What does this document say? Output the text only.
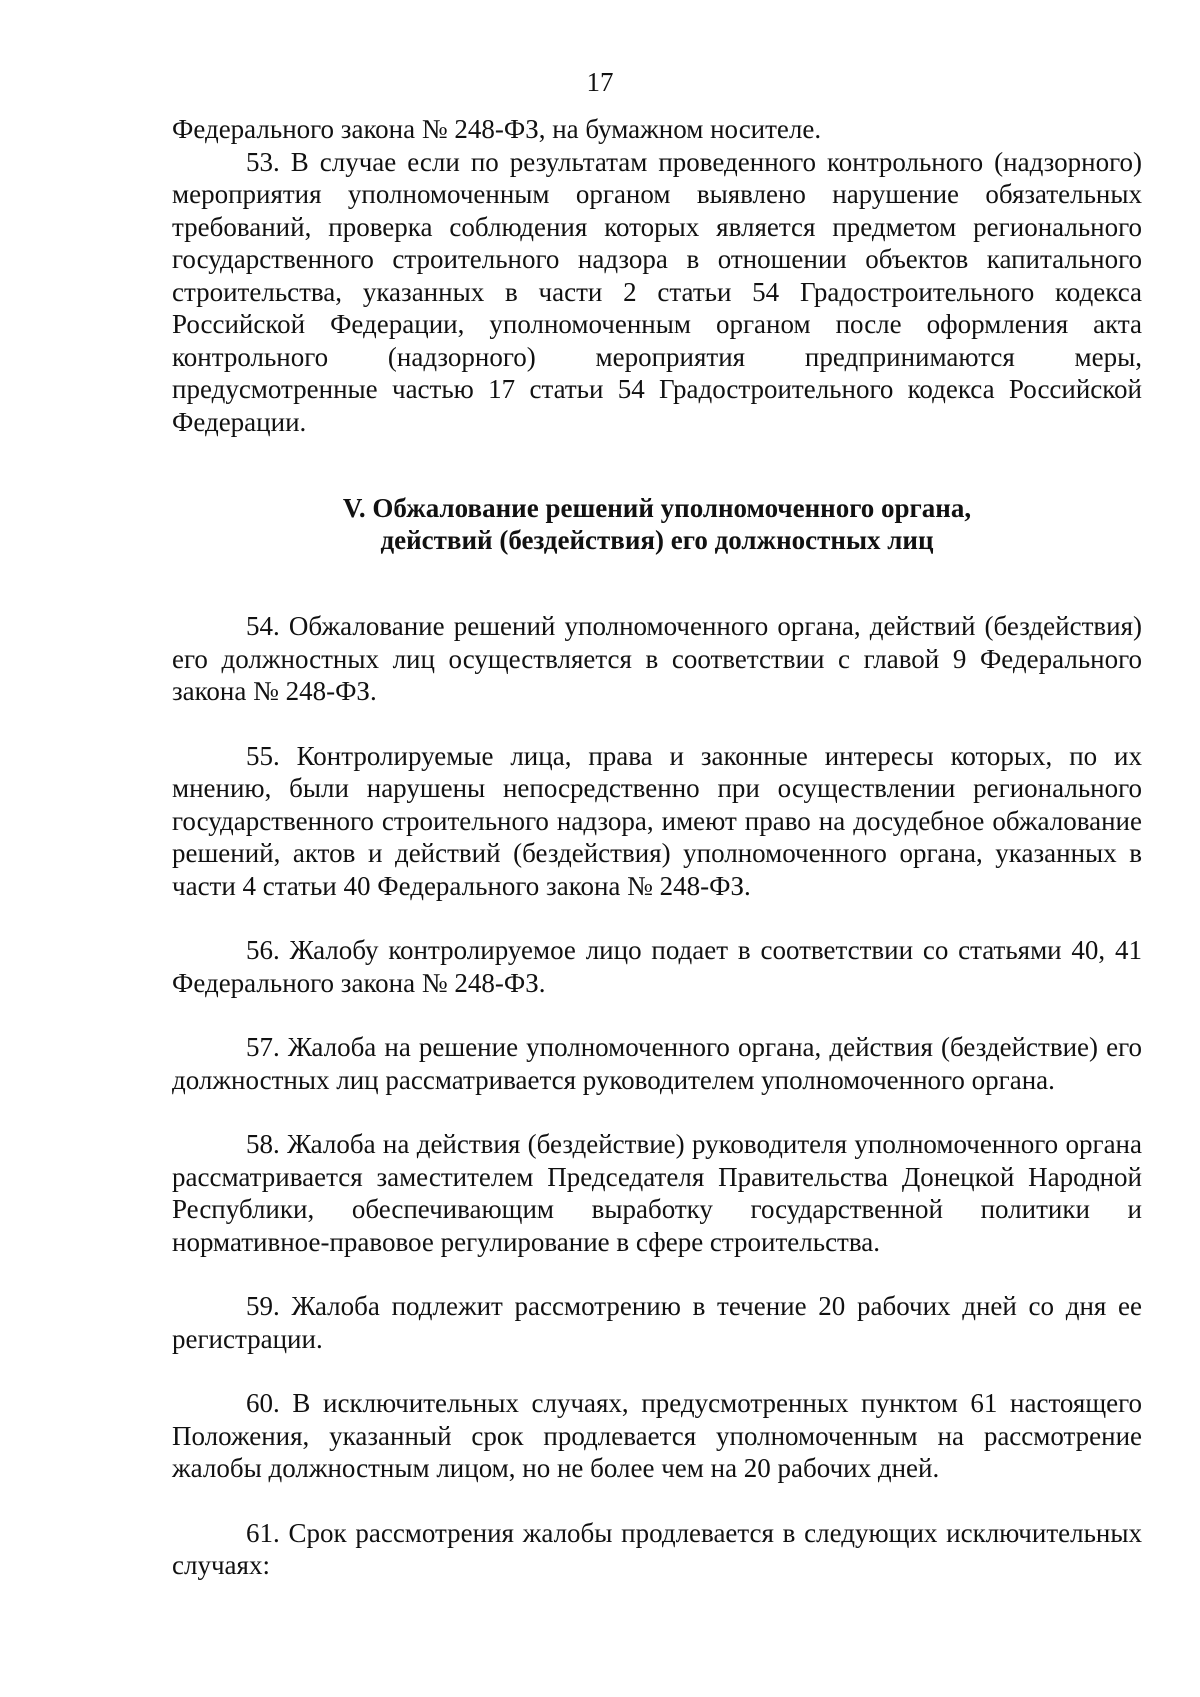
17

Федерального закона № 248-ФЗ, на бумажном носителе.

53. В случае если по результатам проведенного контрольного (надзорного) мероприятия уполномоченным органом выявлено нарушение обязательных требований, проверка соблюдения которых является предметом регионального государственного строительного надзора в отношении объектов капитального строительства, указанных в части 2 статьи 54 Градостроительного кодекса Российской Федерации, уполномоченным органом после оформления акта контрольного (надзорного) мероприятия предпринимаются меры, предусмотренные частью 17 статьи 54 Градостроительного кодекса Российской Федерации.

V. Обжалование решений уполномоченного органа,
действий (бездействия) его должностных лиц

54. Обжалование решений уполномоченного органа, действий (бездействия) его должностных лиц осуществляется в соответствии с главой 9 Федерального закона № 248-ФЗ.

55. Контролируемые лица, права и законные интересы которых, по их мнению, были нарушены непосредственно при осуществлении регионального государственного строительного надзора, имеют право на досудебное обжалование решений, актов и действий (бездействия) уполномоченного органа, указанных в части 4 статьи 40 Федерального закона № 248-ФЗ.

56. Жалобу контролируемое лицо подает в соответствии со статьями 40, 41 Федерального закона № 248-ФЗ.

57. Жалоба на решение уполномоченного органа, действия (бездействие) его должностных лиц рассматривается руководителем уполномоченного органа.

58. Жалоба на действия (бездействие) руководителя уполномоченного органа рассматривается заместителем Председателя Правительства Донецкой Народной Республики, обеспечивающим выработку государственной политики и нормативное-правовое регулирование в сфере строительства.

59. Жалоба подлежит рассмотрению в течение 20 рабочих дней со дня ее регистрации.

60. В исключительных случаях, предусмотренных пунктом 61 настоящего Положения, указанный срок продлевается уполномоченным на рассмотрение жалобы должностным лицом, но не более чем на 20 рабочих дней.

61. Срок рассмотрения жалобы продлевается в следующих исключительных случаях:
